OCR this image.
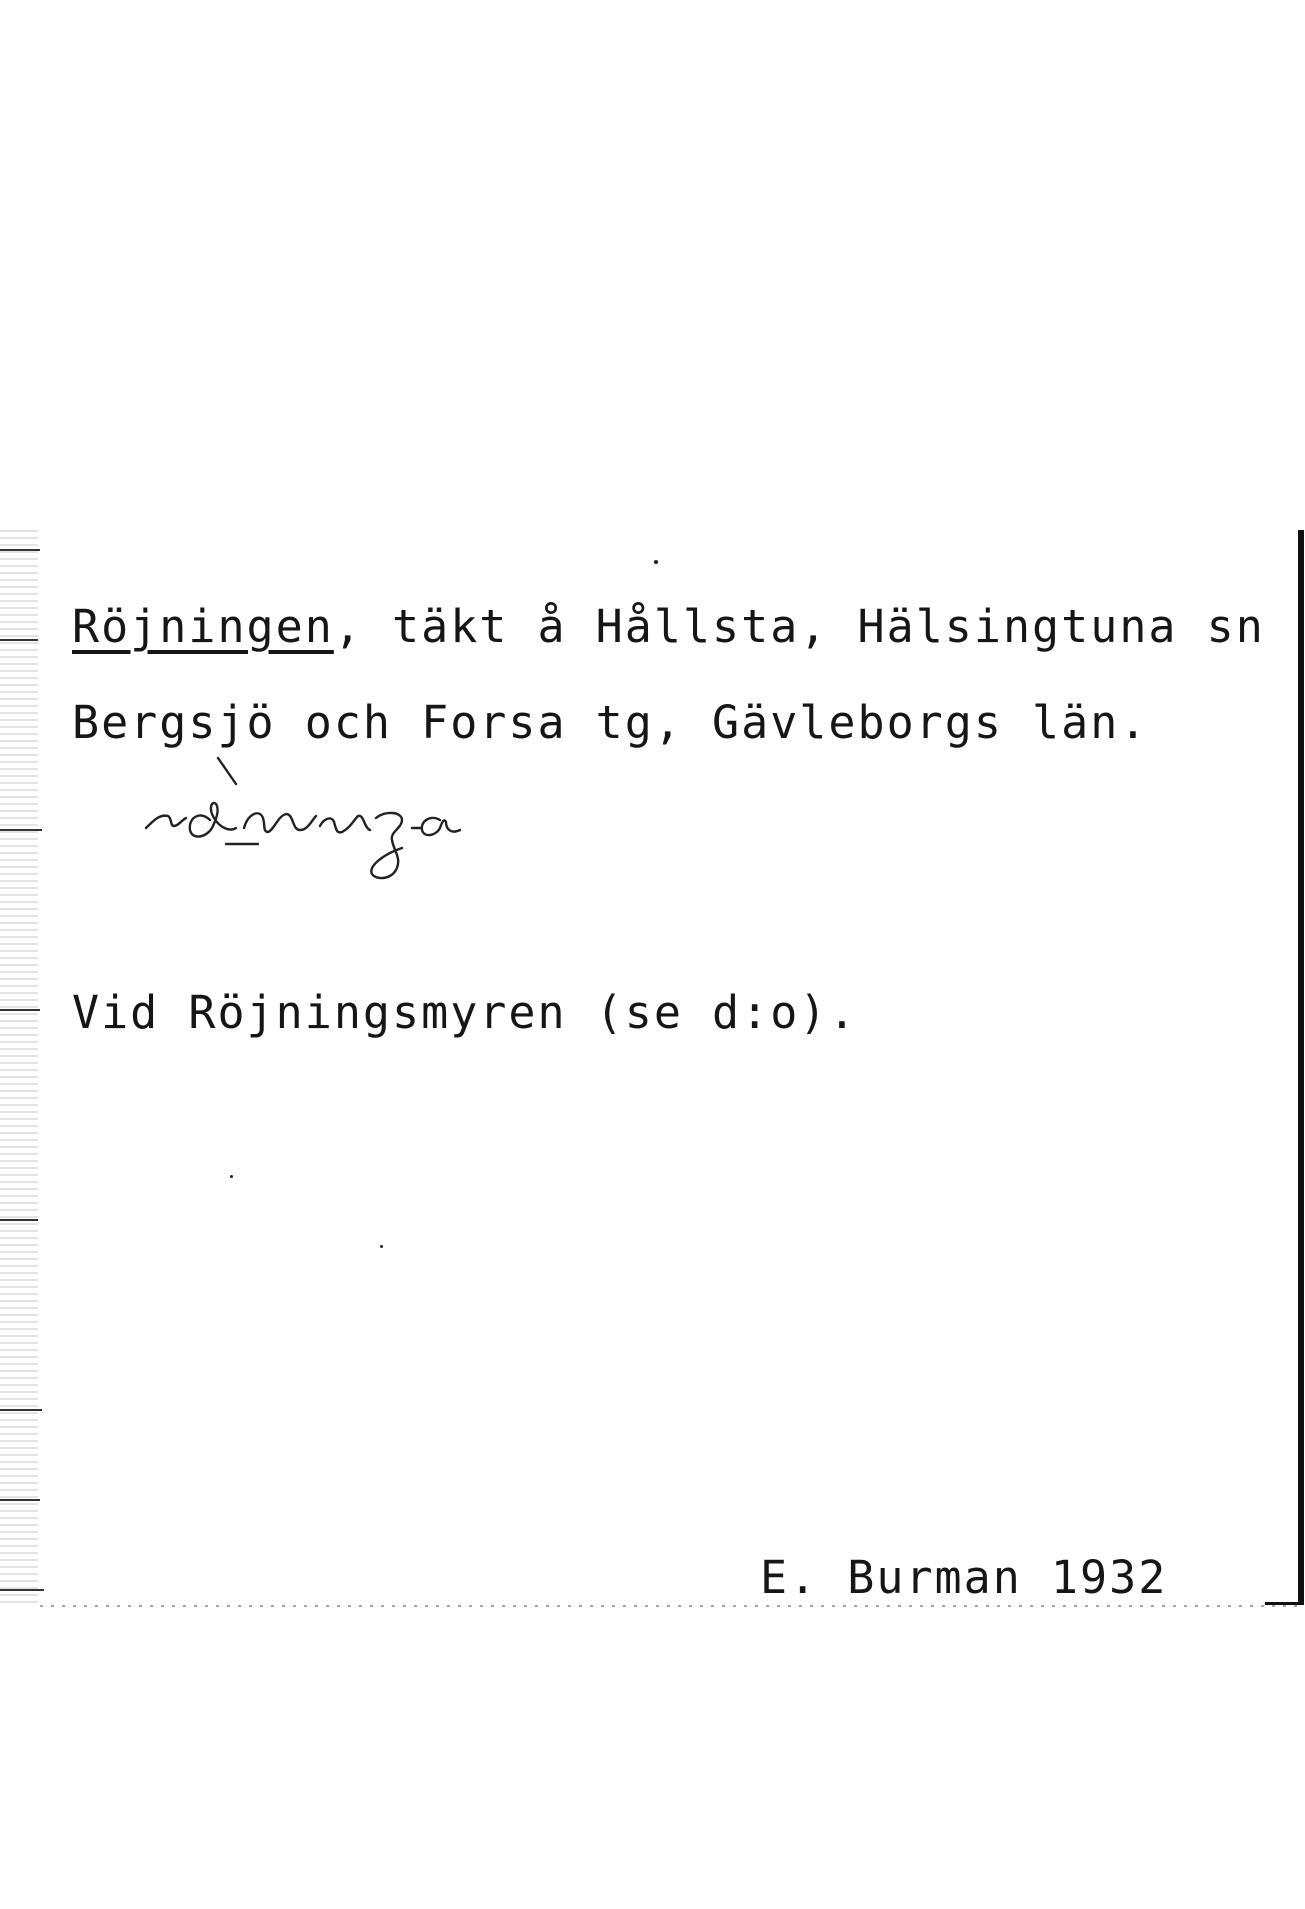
Röjningen, täkt å Hållsta, Hälsingtuna sn
Bergsjö och Forsa tg, Gävleborgs län.
Vid Röjningsmyren (se d:o).
E. Burman 1932
